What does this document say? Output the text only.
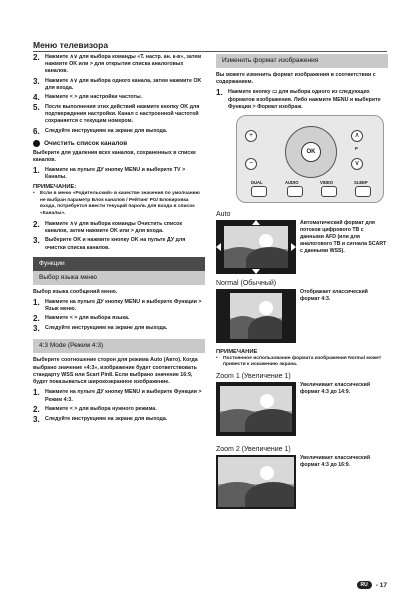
Меню телевизора
2.	Нажмите ∧∨ для выбора команды «Т. настр. ан. к-в», затем нажмите OK или > для открытия списка аналоговых каналов.
3.	Нажмите ∧∨ для выбора одного канала, затем нажмите OK для входа.
4.	Нажмите < > для настройки частоты.
5.	После выполнения этих действий нажмите кнопку OK для подтверждения настройки. Канал с настроенной частотой сохраняется с текущим номером.
6.	Следуйте инструкциям на экране для выхода.
Очистить список каналов
Выберите для удаления всех каналов, сохраненных в списке каналов.
1.	Нажмите на пульте ДУ кнопку MENU и выберите TV > Каналы.
ПРИМЕЧАНИЕ:
•	Если в меню «Родительский» в качестве значения по умолчанию не выбран параметр Блок каналов / Рейтинг PG/ Блокировка входа, потребуется ввести текущий пароль для входа в список «Каналы».
2.	Нажмите ∧∨ для выбора команды Очистить список каналов, затем нажмите OK или > для входа.
3.	Выберите OK и нажмите кнопку OK на пульте ДУ для очистки списка каналов.
Функции
Выбор языка меню
Выбор языка сообщений меню.
1.	Нажмите на пульте ДУ кнопку MENU и выберите Функции > Язык меню.
2.	Нажмите < > для выбора языка.
3.	Следуйте инструкциям на экране для выхода.
4:3 Mode (Режим 4:3)
Выберите соотношение сторон для режима Auto (Авто). Когда выбрано значение «4:3», изображение будет соответствовать стандарту WSS или Scart Pin8. Если выбрано значение 16:9, будет показываться широкоэкранное изображение.
1.	Нажмите на пульте ДУ кнопку MENU и выберите Функции > Режим 4:3.
2.	Нажмите < > для выбора нужного режима.
3.	Следуйте инструкциям на экране для выхода.
Изменить формат изображения
Вы можете изменить формат изображения в соответствии с содержанием.
1.	Нажмите кнопку ▭ для выбора одного из следующих форматов изображения. Либо нажмите MENU и выберите Функции > Формат изображ.
+
−
OK
∧
P
∨
DUAL	AUDIO	VIDEO	SLEEP
Auto
Автоматический формат для потоков цифрового ТВ с данными AFD (или для аналогового ТВ и сигнала SCART с данными WSS).
Normal (Обычный)
Отображает классический формат 4:3.
ПРИМЕЧАНИЕ
•	Постоянное использование формата изображения Normal может привести к искажению экрана.
Zoom 1 (Увеличение 1)
Увеличивает классический формат 4:3 до 14:9.
Zoom 2 (Увеличение 1)
Увеличивает классический формат 4:3 до 16:9.
RU	-
17
